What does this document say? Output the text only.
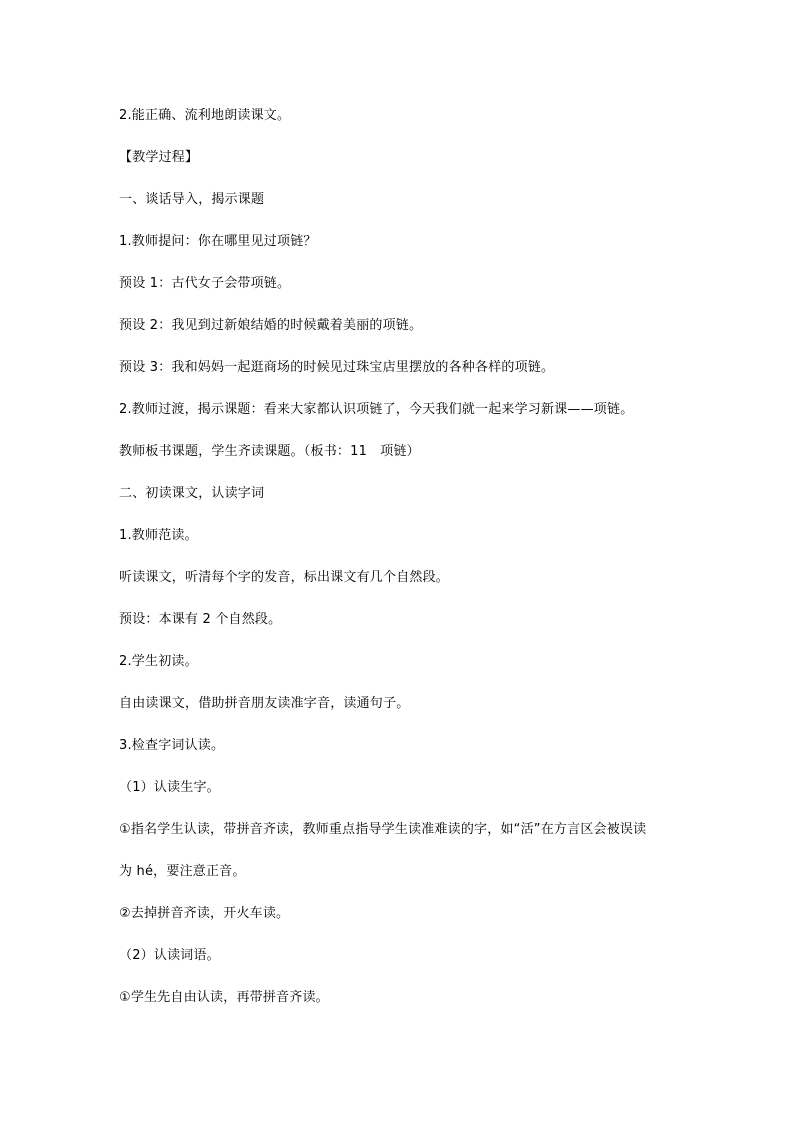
2.能正确、流利地朗读课文。
【教学过程】
一、谈话导入，揭示课题
1.教师提问：你在哪里见过项链？
预设 1：古代女子会带项链。
预设 2：我见到过新娘结婚的时候戴着美丽的项链。
预设 3：我和妈妈一起逛商场的时候见过珠宝店里摆放的各种各样的项链。
2.教师过渡，揭示课题：看来大家都认识项链了，今天我们就一起来学习新课——项链。
教师板书课题，学生齐读课题。（板书：11　项链）
二、初读课文，认读字词
1.教师范读。
听读课文，听清每个字的发音，标出课文有几个自然段。
预设：本课有 2 个自然段。
2.学生初读。
自由读课文，借助拼音朋友读准字音，读通句子。
3.检查字词认读。
（1）认读生字。
①指名学生认读，带拼音齐读，教师重点指导学生读准难读的字，如“活”在方言区会被误读
为 hé，要注意正音。
②去掉拼音齐读，开火车读。
（2）认读词语。
①学生先自由认读，再带拼音齐读。
